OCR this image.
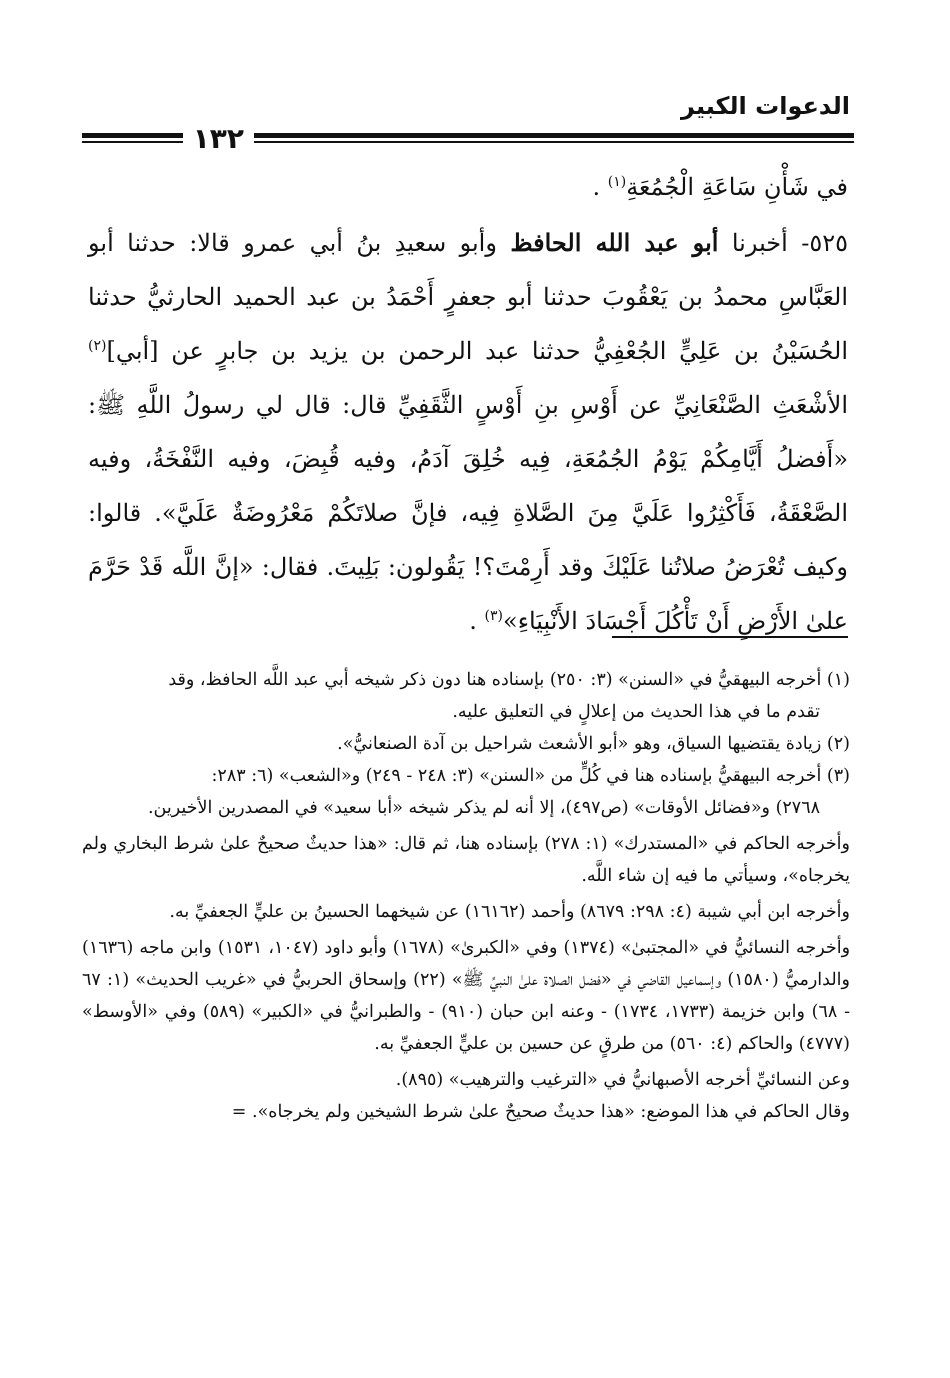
الدعوات الكبير
١٣٢

في شَأْنِ سَاعَةِ الْجُمُعَةِ$^{(١)}$ .

٥٢٥- أخبرنا أبو عبد الله الحافظ وأبو سعيدِ بنُ أبي عمرو قالا: حدثنا أبو العَبَّاسِ محمدُ بن يَعْقُوبَ حدثنا أبو جعفرٍ أَحْمَدُ بن عبد الحميد الحارثيُّ حدثنا الحُسَيْنُ بن عَلِيٍّ الجُعْفِيُّ حدثنا عبد الرحمن بن يزيد بن جابرٍ عن [أبي]$^{(٢)}$ الأشْعَثِ الصَّنْعَانِيِّ عن أَوْسِ بنِ أَوْسٍ الثَّقَفِيِّ قال: قال لي رسولُ اللَّهِ ﷺ: «أَفضلُ أَيَّامِكُمْ يَوْمُ الجُمُعَةِ، فِيه خُلِقَ آدَمُ، وفيه قُبِضَ، وفيه النَّفْخَةُ، وفيه الصَّعْقَةُ، فَأَكْثِرُوا عَلَيَّ مِنَ الصَّلاةِ فِيه، فإنَّ صلاتَكُمْ مَعْرُوضَةٌ عَلَيَّ». قالوا: وكيف تُعْرَضُ صلاتُنا عَلَيْكَ وقد أَرِمْتَ؟! يَقُولون: بَلِيتَ. فقال: «إنَّ اللَّه قَدْ حَرَّمَ علىٰ الأَرْضِ أَنْ تَأْكُلَ أَجْسَادَ الأَنْبِيَاءِ»$^{(٣)}$ .

(١) أخرجه البيهقيُّ في «السنن» (٣: ٢٥٠) بإسناده هنا دون ذكر شيخه أبي عبد اللَّه الحافظ، وقد

تقدم ما في هذا الحديث من إعلالٍ في التعليق عليه.

(٢) زيادة يقتضيها السياق، وهو «أبو الأشعث شراحيل بن آدة الصنعانيُّ».

(٣) أخرجه البيهقيُّ بإسناده هنا في كُلٍّ من «السنن» (٣: ٢٤٨ - ٢٤٩) و«الشعب» (٦: ٢٨٣:

٢٧٦٨) و«فضائل الأوقات» (ص٤٩٧)، إلا أنه لم يذكر شيخه «أبا سعيد» في المصدرين الأخيرين.

وأخرجه الحاكم في «المستدرك» (١: ٢٧٨) بإسناده هنا، ثم قال: «هذا حديثٌ صحيحٌ علىٰ شرط البخاري ولم يخرجاه»، وسيأتي ما فيه إن شاء اللَّه.

وأخرجه ابن أبي شيبة (٤: ٢٩٨: ٨٦٧٩) وأحمد (١٦١٦٢) عن شيخهما الحسينُ بن عليٍّ الجعفيِّ به.

وأخرجه النسائيُّ في «المجتبىٰ» (١٣٧٤) وفي «الكبرىٰ» (١٦٧٨) وأبو داود (١٠٤٧، ١٥٣١) وابن ماجه (١٦٣٦) والدارميُّ (١٥٨٠) وإسماعيل القاضي في «فضل الصلاة علىٰ النبيِّ ﷺ» (٢٢) وإسحاق الحربيُّ في «غريب الحديث» (١: ٦٧ - ٦٨) وابن خزيمة (١٧٣٣، ١٧٣٤) - وعنه ابن حبان (٩١٠) - والطبرانيُّ في «الكبير» (٥٨٩) وفي «الأوسط» (٤٧٧٧) والحاكم (٤: ٥٦٠) من طرقٍ عن حسين بن عليٍّ الجعفيِّ به.

وعن النسائيِّ أخرجه الأصبهانيُّ في «الترغيب والترهيب» (٨٩٥).

وقال الحاكم في هذا الموضع: «هذا حديثٌ صحيحٌ علىٰ شرط الشيخين ولم يخرجاه». =
